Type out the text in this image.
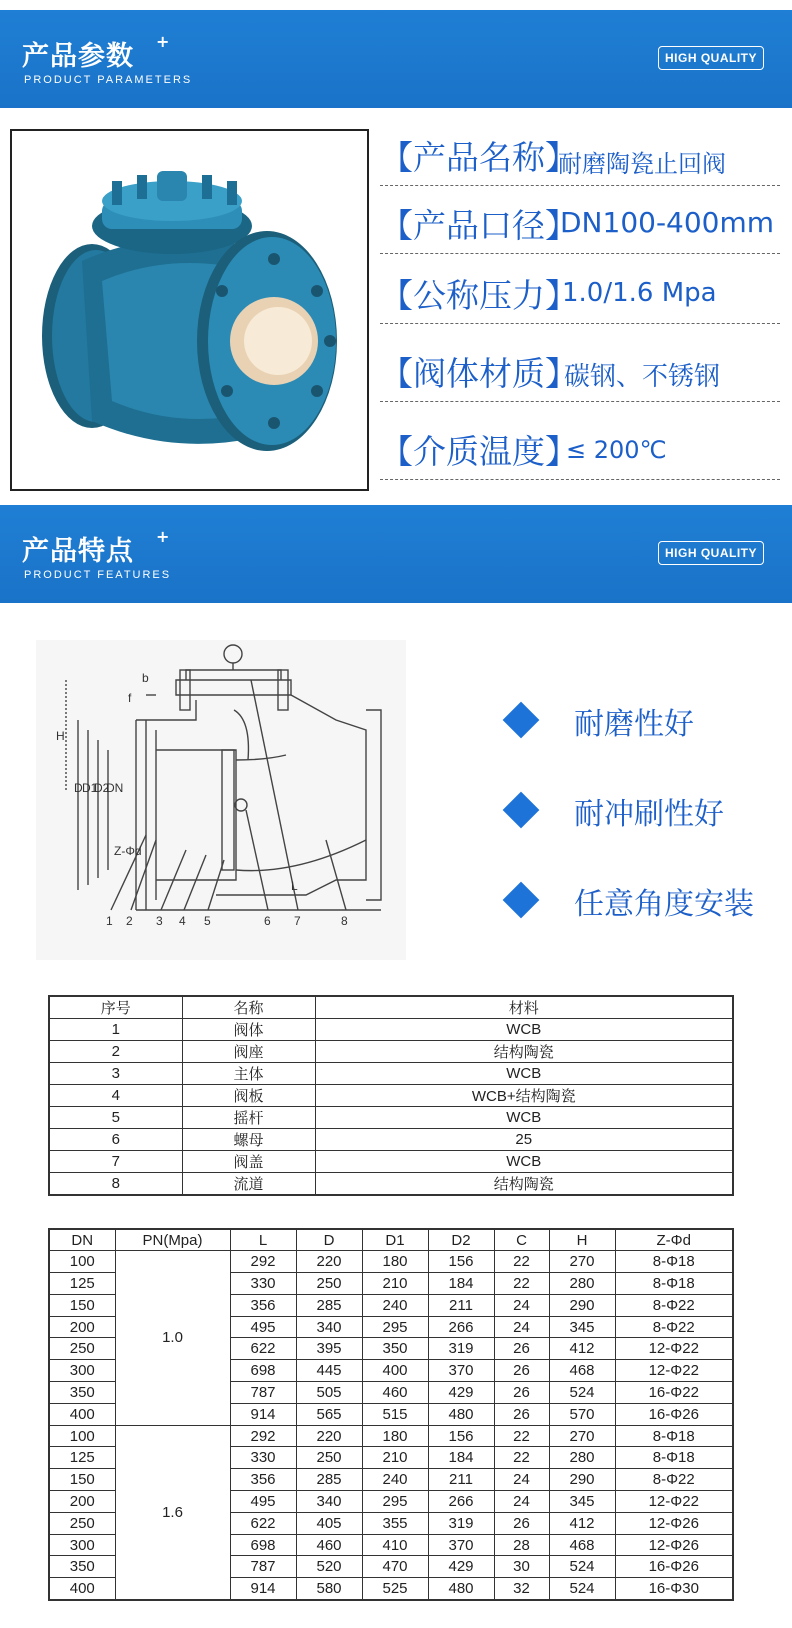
产品参数 +
PRODUCT PARAMETERS
HIGH QUALITY
【产品名称】
耐磨陶瓷止回阀
【产品口径】
DN100-400mm
【公称压力】
1.0/1.6 Mpa
【阀体材质】
碳钢、不锈钢
【介质温度】
≤ 200℃
产品特点 +
PRODUCT FEATURES
HIGH QUALITY
H
b
f
D D1
D2
DN
Z-Φd
L
1 2 3 4 5	6 7	8
耐磨性好
耐冲刷性好
任意角度安装
序号	名称	材料
1	阀体	WCB
2	阀座	结构陶瓷
3	主体	WCB
4	阀板	WCB+结构陶瓷
5	摇杆	WCB
6	螺母	25
7	阀盖	WCB
8	流道	结构陶瓷
DN	PN(Mpa)	L	D	D1	D2	C	H	Z-Φd
100	1.0	292	220	180	156	22	270	8-Φ18
125		330	250	210	184	22	280	8-Φ18
150		356	285	240	211	24	290	8-Φ22
200		495	340	295	266	24	345	8-Φ22
250		622	395	350	319	26	412	12-Φ22
300		698	445	400	370	26	468	12-Φ22
350		787	505	460	429	26	524	16-Φ22
400		914	565	515	480	26	570	16-Φ26
100	1.6	292	220	180	156	22	270	8-Φ18
125		330	250	210	184	22	280	8-Φ18
150		356	285	240	211	24	290	8-Φ22
200		495	340	295	266	24	345	12-Φ22
250		622	405	355	319	26	412	12-Φ26
300		698	460	410	370	28	468	12-Φ26
350		787	520	470	429	30	524	16-Φ26
400		914	580	525	480	32	524	16-Φ30
